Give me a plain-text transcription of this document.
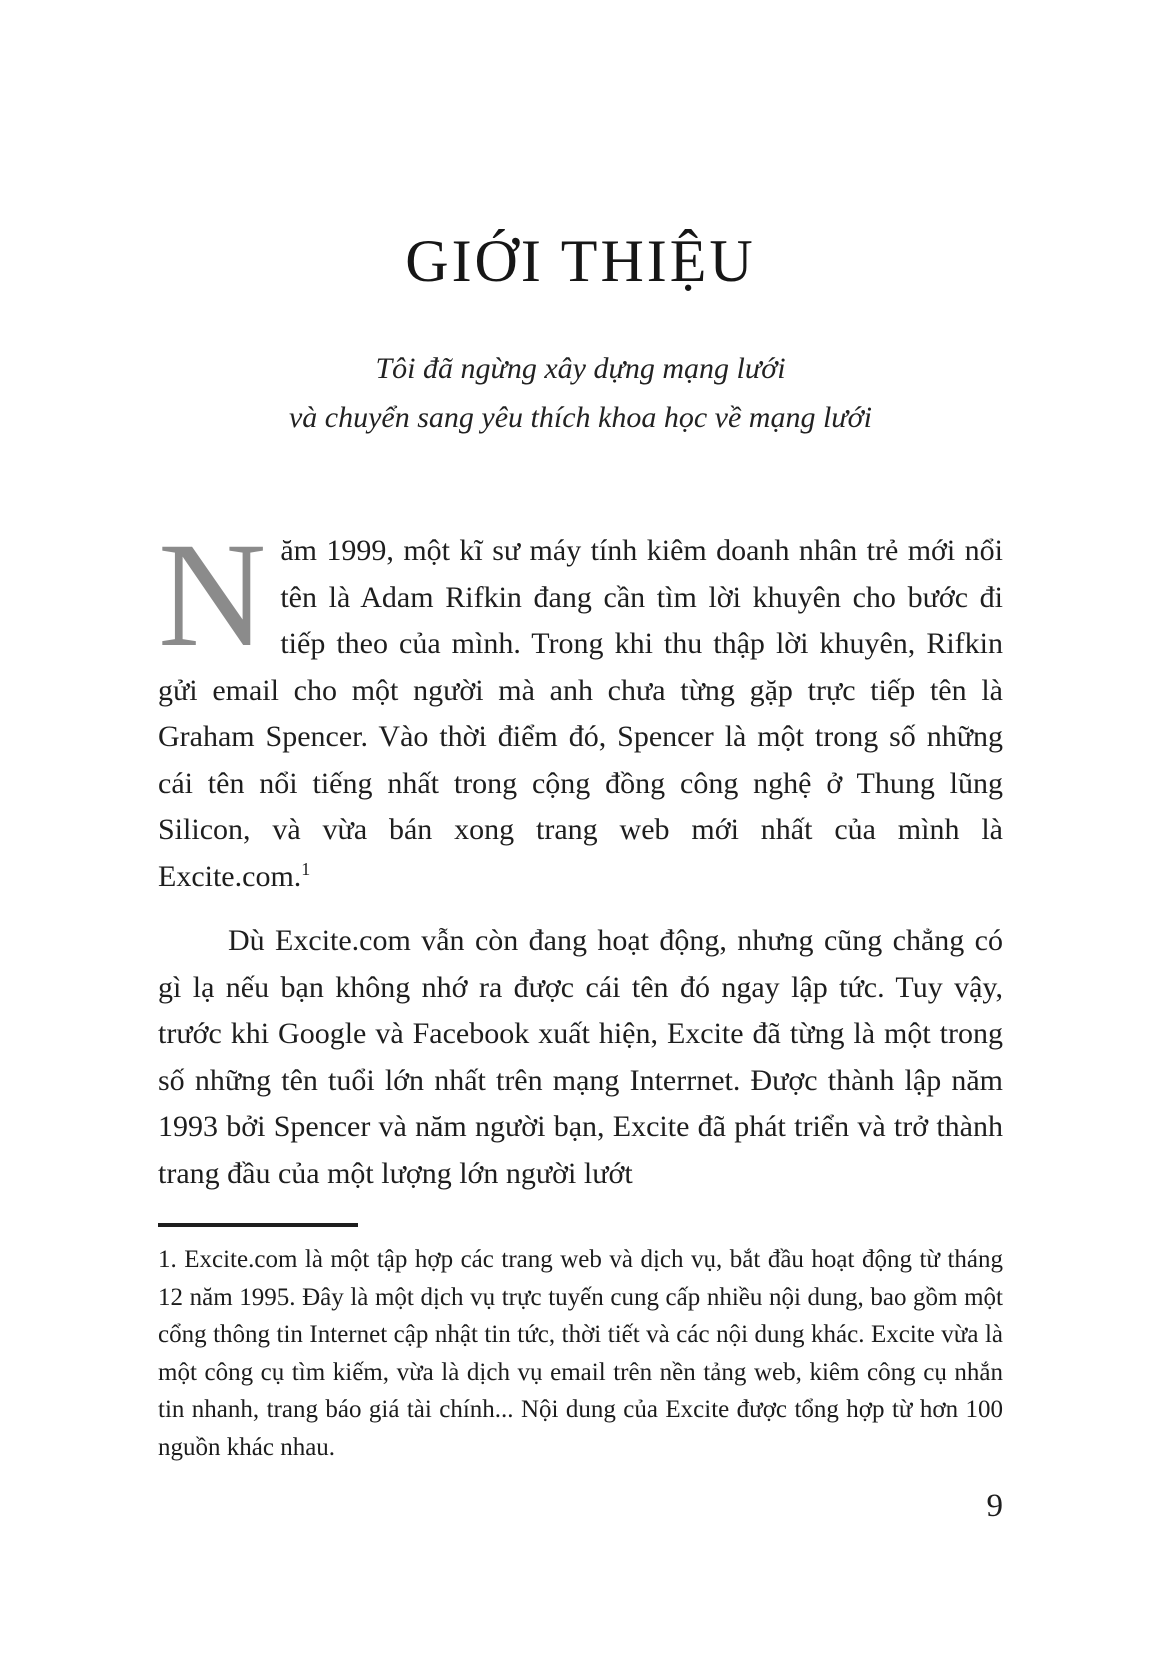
GIỚI THIỆU
Tôi đã ngừng xây dựng mạng lưới
và chuyển sang yêu thích khoa học về mạng lưới

Năm 1999, một kĩ sư máy tính kiêm doanh nhân trẻ mới nổi tên là Adam Rifkin đang cần tìm lời khuyên cho bước đi tiếp theo của mình. Trong khi thu thập lời khuyên, Rifkin gửi email cho một người mà anh chưa từng gặp trực tiếp tên là Graham Spencer. Vào thời điểm đó, Spencer là một trong số những cái tên nổi tiếng nhất trong cộng đồng công nghệ ở Thung lũng Silicon, và vừa bán xong trang web mới nhất của mình là Excite.com.$^1$

Dù Excite.com vẫn còn đang hoạt động, nhưng cũng chẳng có gì lạ nếu bạn không nhớ ra được cái tên đó ngay lập tức. Tuy vậy, trước khi Google và Facebook xuất hiện, Excite đã từng là một trong số những tên tuổi lớn nhất trên mạng Interrnet. Được thành lập năm 1993 bởi Spencer và năm người bạn, Excite đã phát triển và trở thành trang đầu của một lượng lớn người lướt

1. Excite.com là một tập hợp các trang web và dịch vụ, bắt đầu hoạt động từ tháng 12 năm 1995. Đây là một dịch vụ trực tuyến cung cấp nhiều nội dung, bao gồm một cổng thông tin Internet cập nhật tin tức, thời tiết và các nội dung khác. Excite vừa là một công cụ tìm kiếm, vừa là dịch vụ email trên nền tảng web, kiêm công cụ nhắn tin nhanh, trang báo giá tài chính... Nội dung của Excite được tổng hợp từ hơn 100 nguồn khác nhau.

9
